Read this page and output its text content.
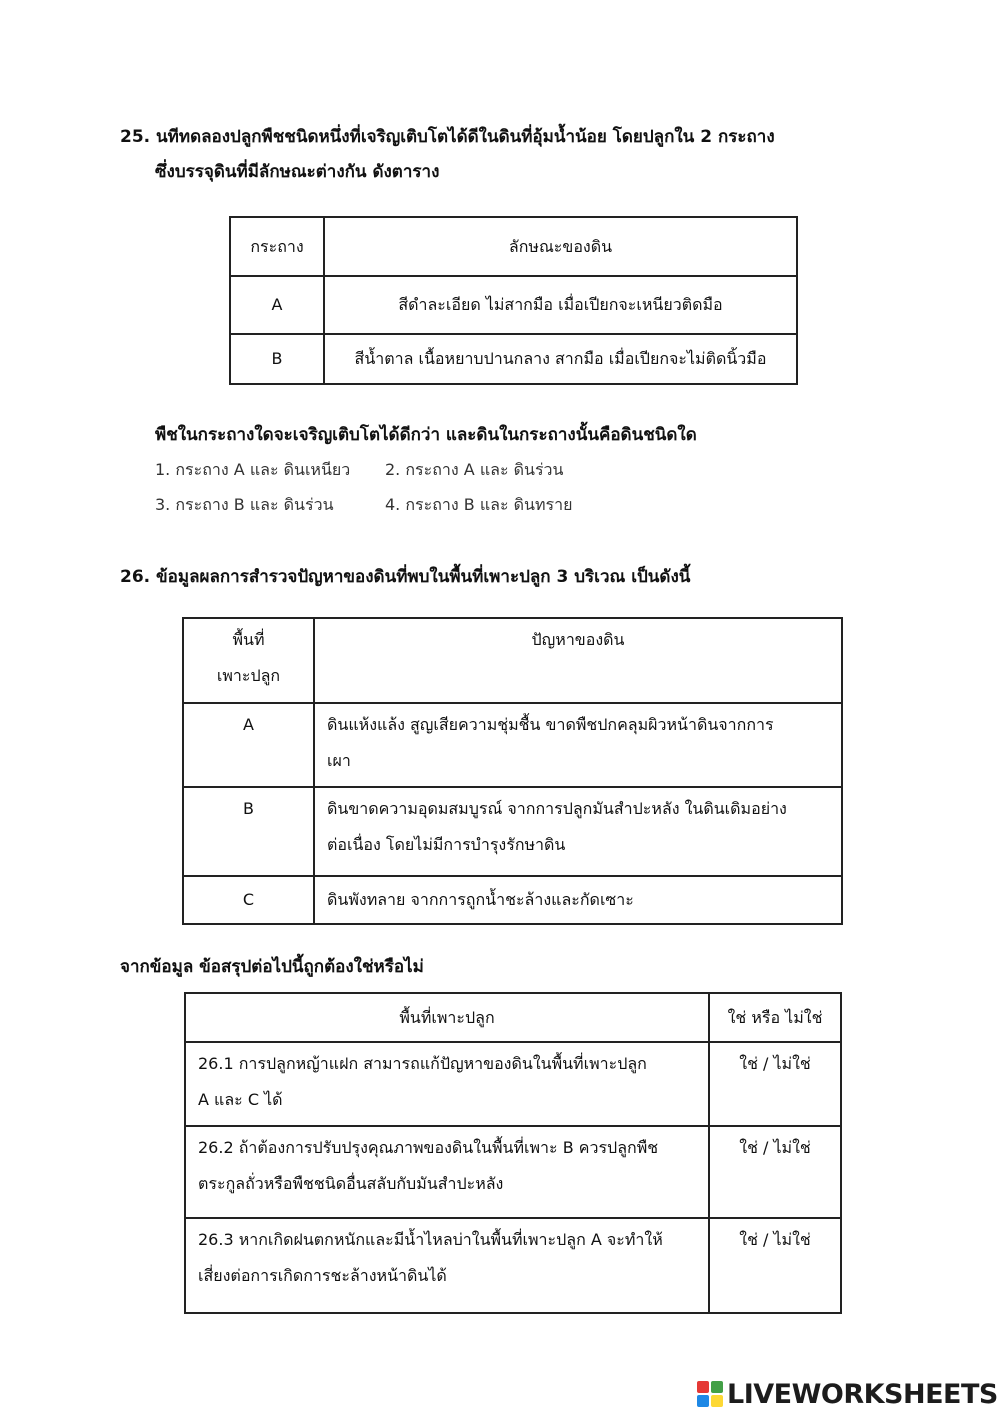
25. นทีทดลองปลูกพืชชนิดหนึ่งที่เจริญเติบโตได้ดีในดินที่อุ้มน้ำน้อย โดยปลูกใน 2 กระถาง
ซึ่งบรรจุดินที่มีลักษณะต่างกัน ดังตาราง
กระถาง	ลักษณะของดิน
A	สีดำละเอียด ไม่สากมือ เมื่อเปียกจะเหนียวติดมือ
B	สีน้ำตาล เนื้อหยาบปานกลาง สากมือ เมื่อเปียกจะไม่ติดนิ้วมือ
พืชในกระถางใดจะเจริญเติบโตได้ดีกว่า และดินในกระถางนั้นคือดินชนิดใด
1. กระถาง A และ ดินเหนียว 2. กระถาง A และ ดินร่วน
3. กระถาง B และ ดินร่วน	4. กระถาง B และ ดินทราย
26. ข้อมูลผลการสำรวจปัญหาของดินที่พบในพื้นที่เพาะปลูก 3 บริเวณ เป็นดังนี้
พื้นที่
เพาะปลูก	ปัญหาของดิน
A	ดินแห้งแล้ง สูญเสียความชุ่มชื้น ขาดพืชปกคลุมผิวหน้าดินจากการ
เผา
B	ดินขาดความอุดมสมบูรณ์ จากการปลูกมันสำปะหลัง ในดินเดิมอย่าง
ต่อเนื่อง โดยไม่มีการบำรุงรักษาดิน
C	ดินพังทลาย จากการถูกน้ำชะล้างและกัดเซาะ
จากข้อมูล ข้อสรุปต่อไปนี้ถูกต้องใช่หรือไม่
พื้นที่เพาะปลูก	ใช่ หรือ ไม่ใช่
26.1 การปลูกหญ้าแฝก สามารถแก้ปัญหาของดินในพื้นที่เพาะปลูก
A และ C ได้	ใช่ / ไม่ใช่
26.2 ถ้าต้องการปรับปรุงคุณภาพของดินในพื้นที่เพาะ B ควรปลูกพืช
ตระกูลถั่วหรือพืชชนิดอื่นสลับกับมันสำปะหลัง	ใช่ / ไม่ใช่
26.3 หากเกิดฝนตกหนักและมีน้ำไหลบ่าในพื้นที่เพาะปลูก A จะทำให้
เสี่ยงต่อการเกิดการชะล้างหน้าดินได้	ใช่ / ไม่ใช่
LIVEWORKSHEETS
